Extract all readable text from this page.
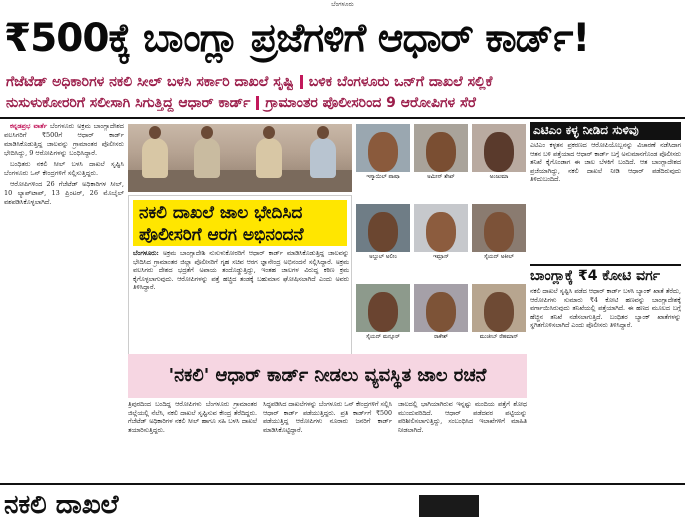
ಬೆಂಗಳೂರು
₹500ಕ್ಕೆ ಬಾಂಗ್ಲಾ ಪ್ರಜೆಗಳಿಗೆ ಆಧಾರ್ ಕಾರ್ಡ್!
ಗೆಜೆಟೆಡ್ ಅಧಿಕಾರಿಗಳ ನಕಲಿ ಸೀಲ್ ಬಳಸಿ ಸರ್ಕಾರಿ ದಾಖಲೆ ಸೃಷ್ಟಿ ಬಳಿಕ ಬೆಂಗಳೂರು ಒನ್‌ಗೆ ದಾಖಲೆ ಸಲ್ಲಿಕೆ
ನುಸುಳುಕೋರರಿಗೆ ಸಲೀಸಾಗಿ ಸಿಗುತ್ತಿದ್ದ ಆಧಾರ್ ಕಾರ್ಡ್ ಗ್ರಾಮಾಂತರ ಪೊಲೀಸರಿಂದ 9 ಆರೋಪಿಗಳ ಸೆರೆ

ಕನ್ನಡಪ್ರಭ ವಾರ್ತೆ ಬೆಂಗಳೂರು ಅಕ್ರಮ ಬಾಂಗ್ಲಾದೇಶದ ವಲಸಿಗರಿಗೆ ₹500ಗೆ ಆಧಾರ್ ಕಾರ್ಡ್ ಮಾಡಿಸಿಕೊಡುತ್ತಿದ್ದ ಜಾಲವನ್ನು ಗ್ರಾಮಾಂತರ ಪೊಲೀಸರು ಭೇದಿಸಿದ್ದು, 9 ಆರೋಪಿಗಳನ್ನು ಬಂಧಿಸಿದ್ದಾರೆ.

ಬಂಧಿತರು ನಕಲಿ ಸೀಲ್ ಬಳಸಿ ದಾಖಲೆ ಸೃಷ್ಟಿಸಿ ಬೆಂಗಳೂರು ಒನ್ ಕೇಂದ್ರಗಳಿಗೆ ಸಲ್ಲಿಸುತ್ತಿದ್ದರು.

ಆರೋಪಿಗಳಿಂದ 26 ಗೆಜೆಟೆಡ್ ಅಧಿಕಾರಿಗಳ ಸೀಲ್, 10 ಲ್ಯಾಪ್‌ಟಾಪ್, 13 ಪ್ರಿಂಟರ್, 26 ಮೊಬೈಲ್ ವಶಪಡಿಸಿಕೊಳ್ಳಲಾಗಿದೆ.

ಇಸ್ಮಾಯಿಲ್ ಪಾಷಾ	ಅಮೀನ್ ಶೇಖ್	ಅಂಜುಮಾ
ಅಬ್ದುಲ್ ಅಲೀಂ	ಇಮ್ರಾನ್	ಸೈಯದ್ ಅಕೀಲ್
ಸೈಯದ್ ಮನ್ಸೂರ್	ರಾಕೇಶ್	ಮುಜೀಬ್ ರೆಹಮಾನ್
ನಕಲಿ ದಾಖಲೆ ಜಾಲ ಭೇದಿಸಿದ ಪೊಲೀಸರಿಗೆ ಆರಗ ಅಭಿನಂದನೆ
ಬೆಂಗಳೂರು: ಅಕ್ರಮ ಬಾಂಗ್ಲಾದೇಶಿ ನುಸುಳುಕೋರರಿಗೆ ಆಧಾರ್ ಕಾರ್ಡ್ ಮಾಡಿಸಿಕೊಡುತ್ತಿದ್ದ ಜಾಲವನ್ನು ಭೇದಿಸಿದ ಗ್ರಾಮಾಂತರ ಜಿಲ್ಲಾ ಪೊಲೀಸರಿಗೆ ಗೃಹ ಸಚಿವ ಆರಗ ಜ್ಞಾನೇಂದ್ರ ಅಭಿನಂದನೆ ಸಲ್ಲಿಸಿದ್ದಾರೆ. ಅಕ್ರಮ ವಲಸಿಗರು ದೇಶದ ಭದ್ರತೆಗೆ ಅಪಾಯ ತಂದೊಡ್ಡುತ್ತಿದ್ದು, ಇಂತಹ ಜಾಲಗಳ ವಿರುದ್ಧ ಕಠಿಣ ಕ್ರಮ ಕೈಗೊಳ್ಳಲಾಗುವುದು. ಆರೋಪಿಗಳನ್ನು ಪತ್ತೆ ಹಚ್ಚಿದ ತಂಡಕ್ಕೆ ಬಹುಮಾನ ಘೋಷಿಸಲಾಗಿದೆ ಎಂದು ಅವರು ತಿಳಿಸಿದ್ದಾರೆ.
ಎಟಿಎಂ ಕಳ್ಳ ನೀಡಿದ ಸುಳಿವು
ಎಟಿಎಂ ಕಳ್ಳತನ ಪ್ರಕರಣದ ಆರೋಪಿಯೊಬ್ಬನನ್ನು ವಿಚಾರಣೆ ನಡೆಸಿದಾಗ ಆತನ ಬಳಿ ಪತ್ತೆಯಾದ ಆಧಾರ್ ಕಾರ್ಡ್ ಬಗ್ಗೆ ಅನುಮಾನಗೊಂಡ ಪೊಲೀಸರು ತನಿಖೆ ಕೈಗೊಂಡಾಗ ಈ ಜಾಲ ಬೆಳಕಿಗೆ ಬಂದಿದೆ. ಆತ ಬಾಂಗ್ಲಾದೇಶದ ಪ್ರಜೆಯಾಗಿದ್ದು, ನಕಲಿ ದಾಖಲೆ ನೀಡಿ ಆಧಾರ್ ಪಡೆದಿರುವುದು ತಿಳಿದುಬಂದಿದೆ.
ಬಾಂಗ್ಲಾಕ್ಕೆ ₹4 ಕೋಟಿ ವರ್ಗ
ನಕಲಿ ದಾಖಲೆ ಸೃಷ್ಟಿಸಿ ಪಡೆದ ಆಧಾರ್ ಕಾರ್ಡ್ ಬಳಸಿ ಬ್ಯಾಂಕ್ ಖಾತೆ ತೆರೆದು, ಆರೋಪಿಗಳು ಸುಮಾರು ₹4 ಕೋಟಿ ಹಣವನ್ನು ಬಾಂಗ್ಲಾದೇಶಕ್ಕೆ ವರ್ಗಾಯಿಸಿರುವುದು ತನಿಖೆಯಲ್ಲಿ ಪತ್ತೆಯಾಗಿದೆ. ಈ ಹಣದ ಮೂಲದ ಬಗ್ಗೆ ಹೆಚ್ಚಿನ ತನಿಖೆ ನಡೆಸಲಾಗುತ್ತಿದೆ. ಬಂಧಿತರ ಬ್ಯಾಂಕ್ ಖಾತೆಗಳನ್ನು ಸ್ಥಗಿತಗೊಳಿಸಲಾಗಿದೆ ಎಂದು ಪೊಲೀಸರು ತಿಳಿಸಿದ್ದಾರೆ.
'ನಕಲಿ' ಆಧಾರ್ ಕಾರ್ಡ್ ನೀಡಲು ವ್ಯವಸ್ಥಿತ ಜಾಲ ರಚನೆ
ತ್ರಿಪುರದಿಂದ ಬಂದಿದ್ದ ಆರೋಪಿಗಳು ಬೆಂಗಳೂರು ಗ್ರಾಮಾಂತರ ಜಿಲ್ಲೆಯಲ್ಲಿ ನೆಲೆಸಿ, ನಕಲಿ ದಾಖಲೆ ಸೃಷ್ಟಿಸುವ ಕೇಂದ್ರ ತೆರೆದಿದ್ದರು. ಗೆಜೆಟೆಡ್ ಅಧಿಕಾರಿಗಳ ನಕಲಿ ಸೀಲ್ ಹಾಗೂ ಸಹಿ ಬಳಸಿ ದಾಖಲೆ ತಯಾರಿಸುತ್ತಿದ್ದರು.
ಸಿದ್ಧಪಡಿಸಿದ ದಾಖಲೆಗಳನ್ನು ಬೆಂಗಳೂರು ಒನ್ ಕೇಂದ್ರಗಳಿಗೆ ಸಲ್ಲಿಸಿ ಆಧಾರ್ ಕಾರ್ಡ್ ಪಡೆಯುತ್ತಿದ್ದರು. ಪ್ರತಿ ಕಾರ್ಡ್‌ಗೆ ₹500 ಪಡೆಯುತ್ತಿದ್ದ ಆರೋಪಿಗಳು ನೂರಾರು ಜನರಿಗೆ ಕಾರ್ಡ್ ಮಾಡಿಸಿಕೊಟ್ಟಿದ್ದಾರೆ.
ಜಾಲದಲ್ಲಿ ಭಾಗಿಯಾಗಿರುವ ಇನ್ನಷ್ಟು ಮಂದಿಯ ಪತ್ತೆಗೆ ಶೋಧ ಮುಂದುವರಿದಿದೆ. ಆಧಾರ್ ಪಡೆದವರ ಪಟ್ಟಿಯನ್ನು ಪರಿಶೀಲಿಸಲಾಗುತ್ತಿದ್ದು, ಸಂಬಂಧಿಸಿದ ಇಲಾಖೆಗಳಿಗೆ ಮಾಹಿತಿ ನೀಡಲಾಗಿದೆ.
ನಕಲಿ ದಾಖಲೆ
